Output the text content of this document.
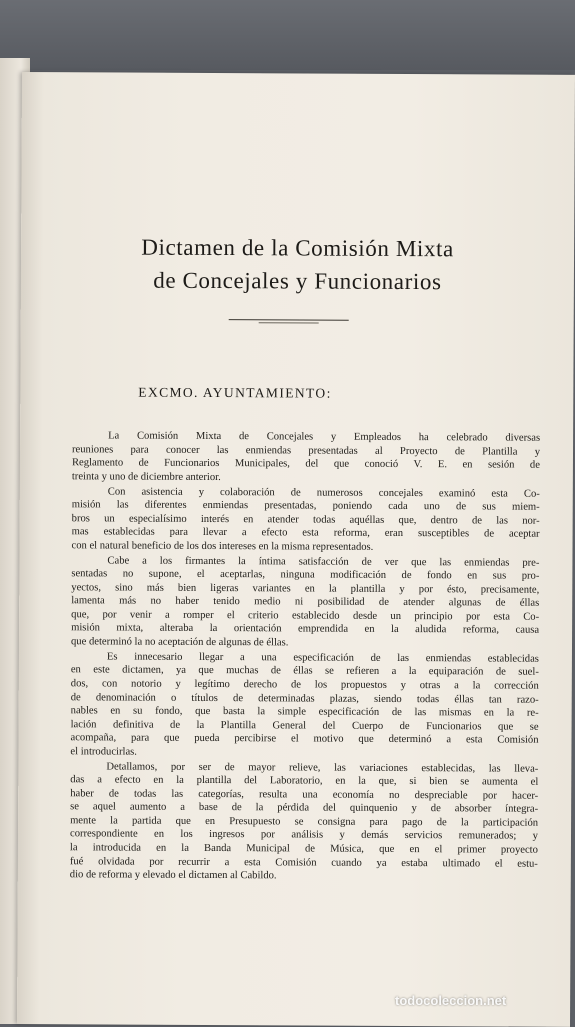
Dictamen de la Comisión Mixta
de Concejales y Funcionarios
EXCMO. AYUNTAMIENTO:
La Comisión Mixta de Concejales y Empleados ha celebrado diversas
reuniones para conocer las enmiendas presentadas al Proyecto de Plantilla y
Reglamento de Funcionarios Municipales, del que conoció V. E. en sesión de
treinta y uno de diciembre anterior.
Con asistencia y colaboración de numerosos concejales examinó esta Co-
misión las diferentes enmiendas presentadas, poniendo cada uno de sus miem-
bros un especialísimo interés en atender todas aquéllas que, dentro de las nor-
mas establecidas para llevar a efecto esta reforma, eran susceptibles de aceptar
con el natural beneficio de los dos intereses en la misma representados.
Cabe a los firmantes la íntima satisfacción de ver que las enmiendas pre-
sentadas no supone, el aceptarlas, ninguna modificación de fondo en sus pro-
yectos, sino más bien ligeras variantes en la plantilla y por ésto, precisamente,
lamenta más no haber tenido medio ni posibilidad de atender algunas de éllas
que, por venir a romper el criterio establecido desde un principio por esta Co-
misión mixta, alteraba la orientación emprendida en la aludida reforma, causa
que determinó la no aceptación de algunas de éllas.
Es innecesario llegar a una especificación de las enmiendas establecidas
en este dictamen, ya que muchas de éllas se refieren a la equiparación de suel-
dos, con notorio y legítimo derecho de los propuestos y otras a la corrección
de denominación o títulos de determinadas plazas, siendo todas éllas tan razo-
nables en su fondo, que basta la simple especificación de las mismas en la re-
lación definitiva de la Plantilla General del Cuerpo de Funcionarios que se
acompaña, para que pueda percibirse el motivo que determinó a esta Comisión
el introducirlas.
Detallamos, por ser de mayor relieve, las variaciones establecidas, las lleva-
das a efecto en la plantilla del Laboratorio, en la que, si bien se aumenta el
haber de todas las categorías, resulta una economía no despreciable por hacer-
se aquel aumento a base de la pérdida del quinquenio y de absorber íntegra-
mente la partida que en Presupuesto se consigna para pago de la participación
correspondiente en los ingresos por análisis y demás servicios remunerados; y
la introducida en la Banda Municipal de Música, que en el primer proyecto
fué olvidada por recurrir a esta Comisión cuando ya estaba ultimado el estu-
dio de reforma y elevado el dictamen al Cabildo.
todocoleccion.net
